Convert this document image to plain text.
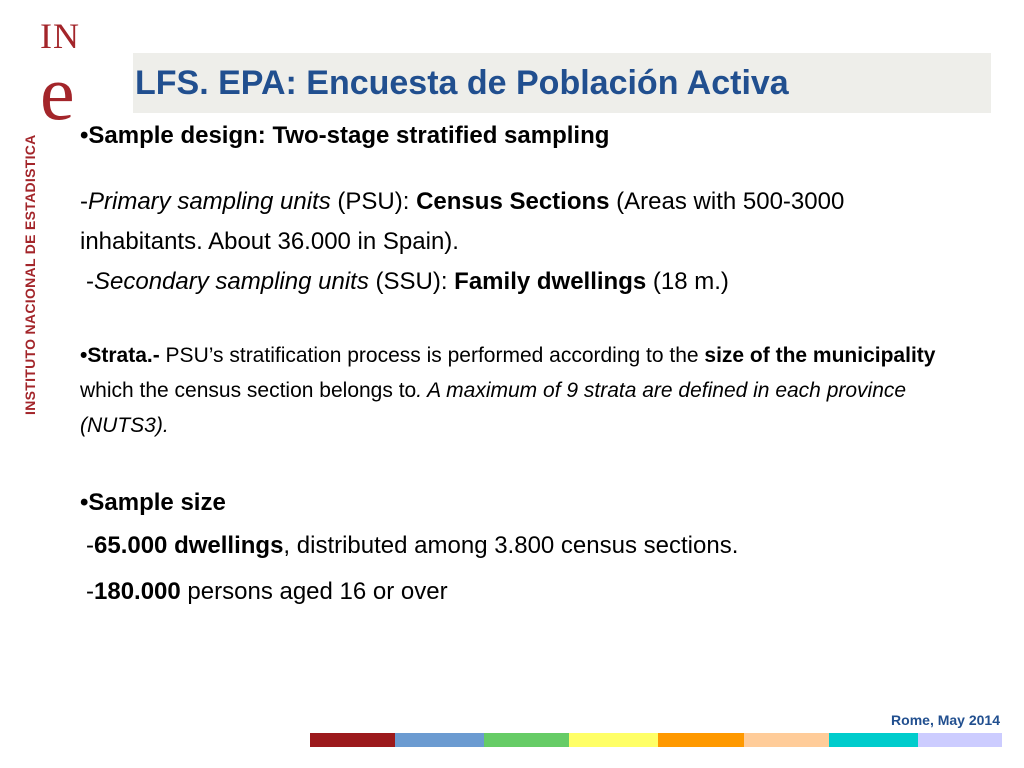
IN
e
INSTITUTO NACIONAL DE ESTADISTICA
LFS. EPA: Encuesta de Población Activa

•Sample design: Two-stage stratified sampling

-Primary sampling units (PSU): Census Sections (Areas with 500-3000 inhabitants. About 36.000 in Spain).

-Secondary sampling units (SSU): Family dwellings (18 m.)

•Strata.- PSU’s stratification process is performed according to the size of the municipality which the census section belongs to. A maximum of 9 strata are defined in each province (NUTS3).

•Sample size

-65.000 dwellings, distributed among 3.800 census sections.

-180.000 persons aged 16 or over

Rome, May 2014
